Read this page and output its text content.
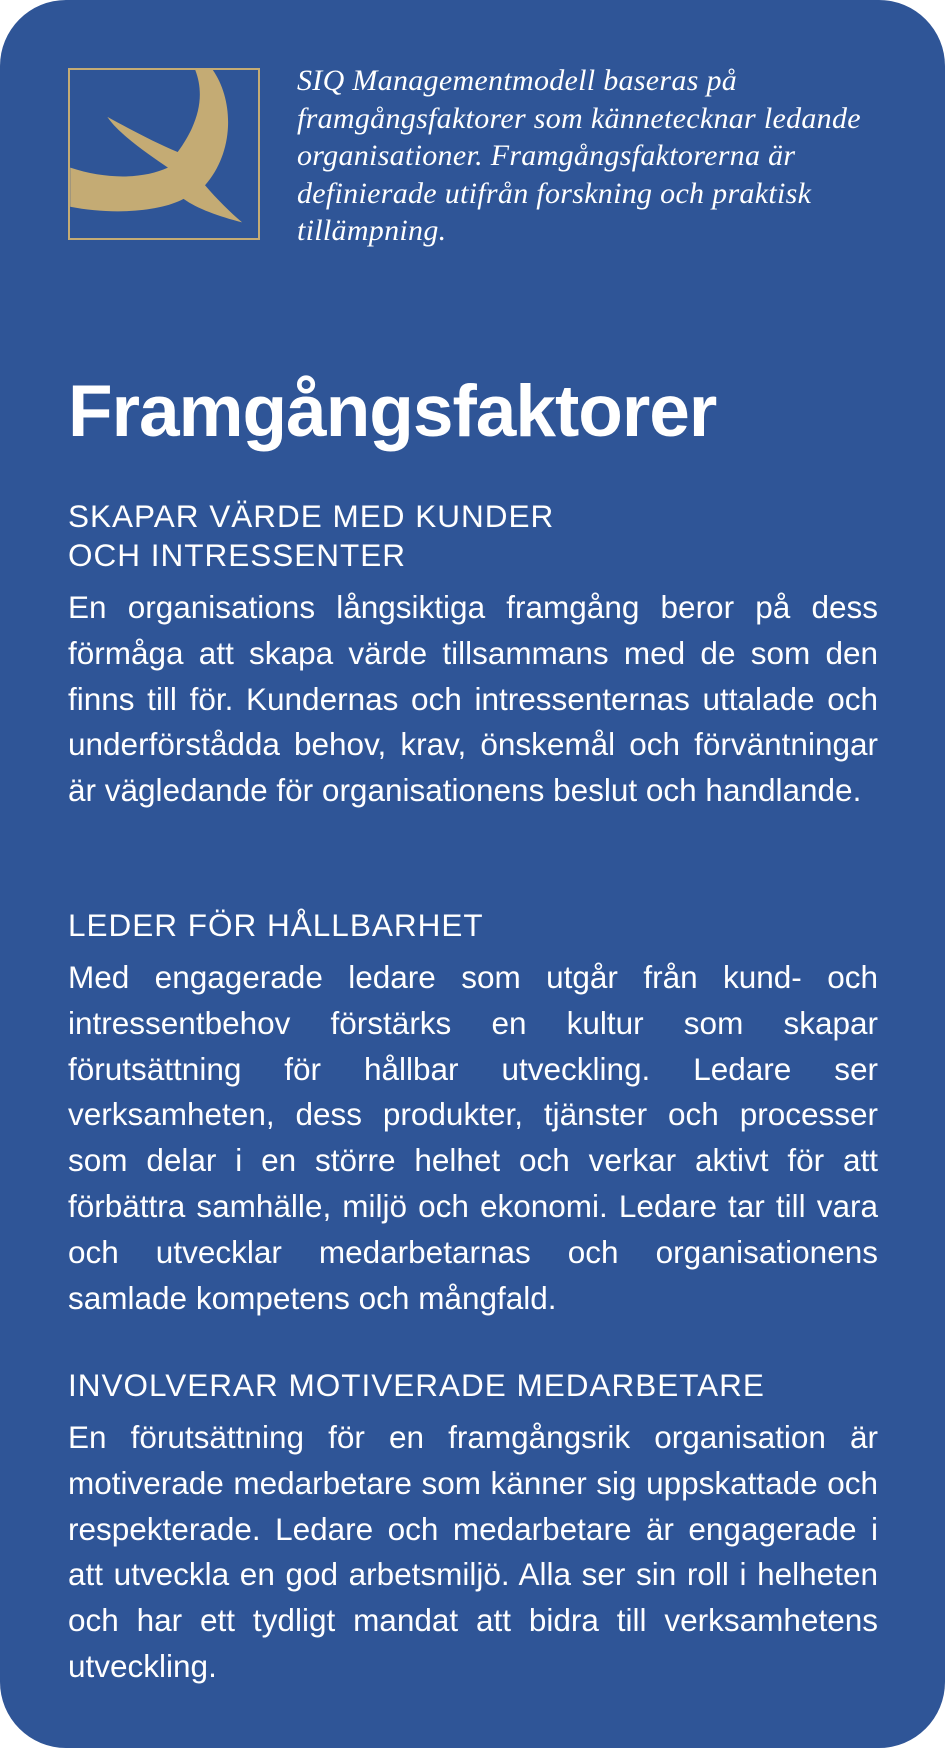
SIQ Managementmodell baseras på framgångsfaktorer som kännetecknar ledande organisationer. Framgångsfaktorerna är definierade utifrån forskning och praktisk tillämpning.

Framgångsfaktorer
SKAPAR VÄRDE MED KUNDER
OCH INTRESSENTER

En organisations långsiktiga framgång beror på dess förmåga att skapa värde tillsammans med de som den finns till för. Kundernas och intressenternas uttalade och underförstådda behov, krav, önskemål och förväntningar är vägledande för organisationens beslut och handlande.

LEDER FÖR HÅLLBARHET

Med engagerade ledare som utgår från kund- och intressentbehov förstärks en kultur som skapar förutsättning för hållbar utveckling. Ledare ser verksamheten, dess produkter, tjänster och processer som delar i en större helhet och verkar aktivt för att förbättra samhälle, miljö och ekonomi. Ledare tar till vara och utvecklar medarbetarnas och organisationens samlade kompetens och mångfald.

INVOLVERAR MOTIVERADE MEDARBETARE

En förutsättning för en framgångsrik organisation är motiverade medarbetare som känner sig uppskattade och respekterade. Ledare och medarbetare är engagerade i att utveckla en god arbetsmiljö. Alla ser sin roll i helheten och har ett tydligt mandat att bidra till verksamhetens utveckling.
